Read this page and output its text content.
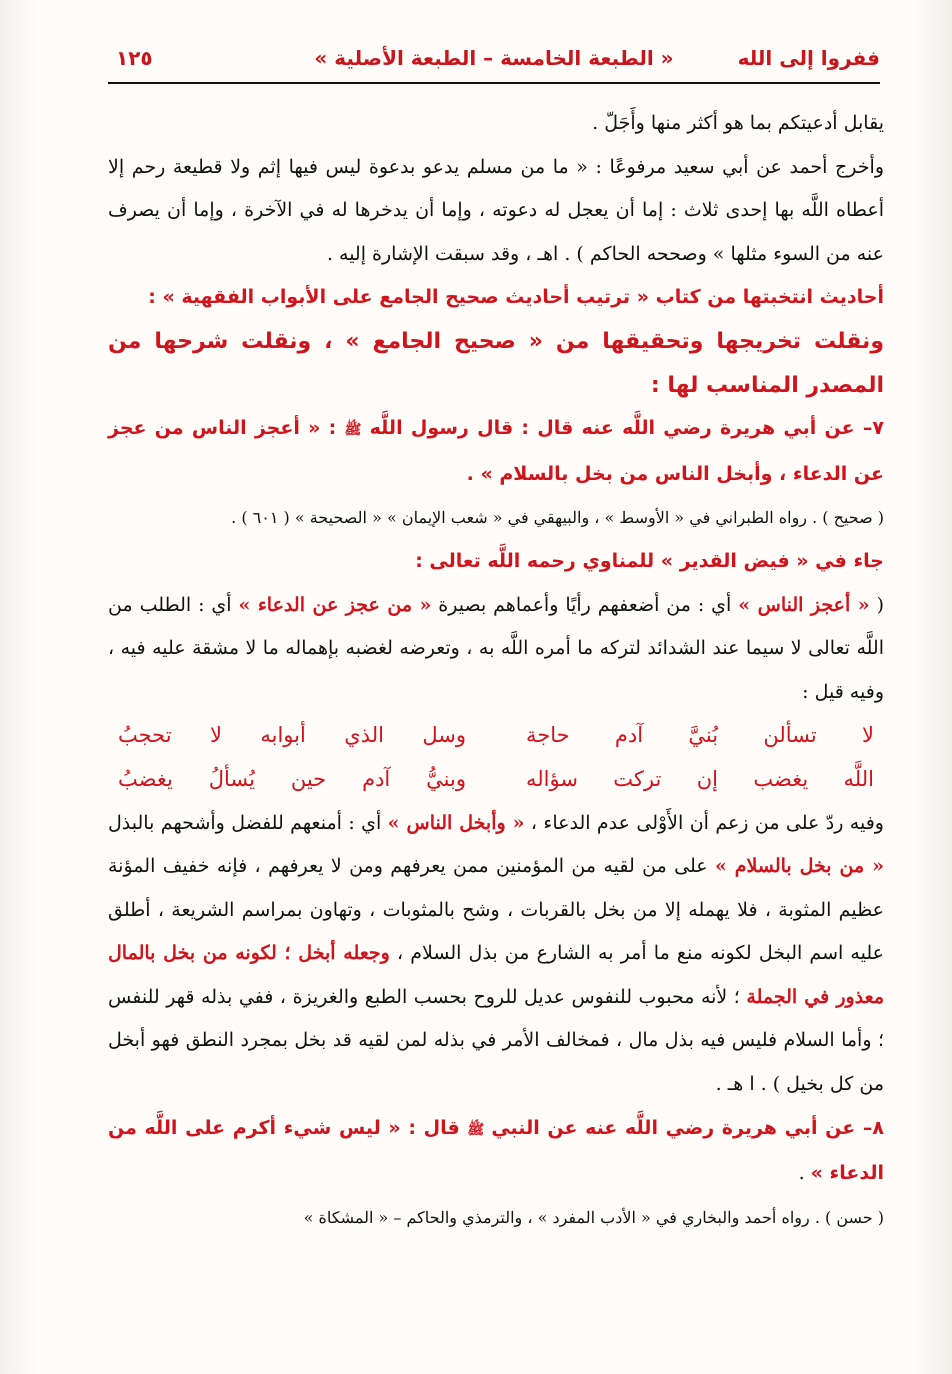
ففروا إلى الله
« الطبعة الخامسة – الطبعة الأصلية »
١٢٥

يقابل أدعيتكم بما هو أكثر منها وأَجَلّ .

وأخرج أحمد عن أبي سعيد مرفوعًا : « ما من مسلم يدعو بدعوة ليس فيها إثم ولا قطيعة رحم إلا أعطاه اللَّه بها إحدى ثلاث : إما أن يعجل له دعوته ، وإما أن يدخرها له في الآخرة ، وإما أن يصرف عنه من السوء مثلها » وصححه الحاكم ) . اهـ ، وقد سبقت الإشارة إليه .

أحاديث انتخبتها من كتاب « ترتيب أحاديث صحيح الجامع على الأبواب الفقهية » :

ونقلت تخريجها وتحقيقها من « صحيح الجامع » ، ونقلت شرحها من المصدر المناسب لها :

٧– عن أبي هريرة رضي اللَّه عنه قال : قال رسول اللَّه ﷺ : « أعجز الناس من عجز عن الدعاء ، وأبخل الناس من بخل بالسلام » .

( صحيح ) . رواه الطبراني في « الأوسط » ، والبيهقي في « شعب الإيمان » « الصحيحة » ( ٦٠١ ) .

جاء في « فيض القدير » للمناوي رحمه اللَّه تعالى :

( « أعجز الناس » أي : من أضعفهم رأيًا وأعماهم بصيرة « من عجز عن الدعاء » أي : الطلب من اللَّه تعالى لا سيما عند الشدائد لتركه ما أمره اللَّه به ، وتعرضه لغضبه بإهماله ما لا مشقة عليه فيه ، وفيه قيل :

لا تسألن بُنيَّ آدم حاجة
وسل الذي أبوابه لا تحجبُ
اللَّه يغضب إن تركت سؤاله
وبنيُّ آدم حين يُسألُ يغضبُ

وفيه ردّ على من زعم أن الأَوْلى عدم الدعاء ، « وأبخل الناس » أي : أمنعهم للفضل وأشحهم بالبذل « من بخل بالسلام » على من لقيه من المؤمنين ممن يعرفهم ومن لا يعرفهم ، فإنه خفيف المؤنة عظيم المثوبة ، فلا يهمله إلا من بخل بالقربات ، وشح بالمثوبات ، وتهاون بمراسم الشريعة ، أطلق عليه اسم البخل لكونه منع ما أمر به الشارع من بذل السلام ، وجعله أبخل ؛ لكونه من بخل بالمال معذور في الجملة ؛ لأنه محبوب للنفوس عديل للروح بحسب الطبع والغريزة ، ففي بذله قهر للنفس ؛ وأما السلام فليس فيه بذل مال ، فمخالف الأمر في بذله لمن لقيه قد بخل بمجرد النطق فهو أبخل من كل بخيل ) . ا هـ .

٨– عن أبي هريرة رضي اللَّه عنه عن النبي ﷺ قال : « ليس شيء أكرم على اللَّه من الدعاء » .

( حسن ) . رواه أحمد والبخاري في « الأدب المفرد » ، والترمذي والحاكم – « المشكاة »
